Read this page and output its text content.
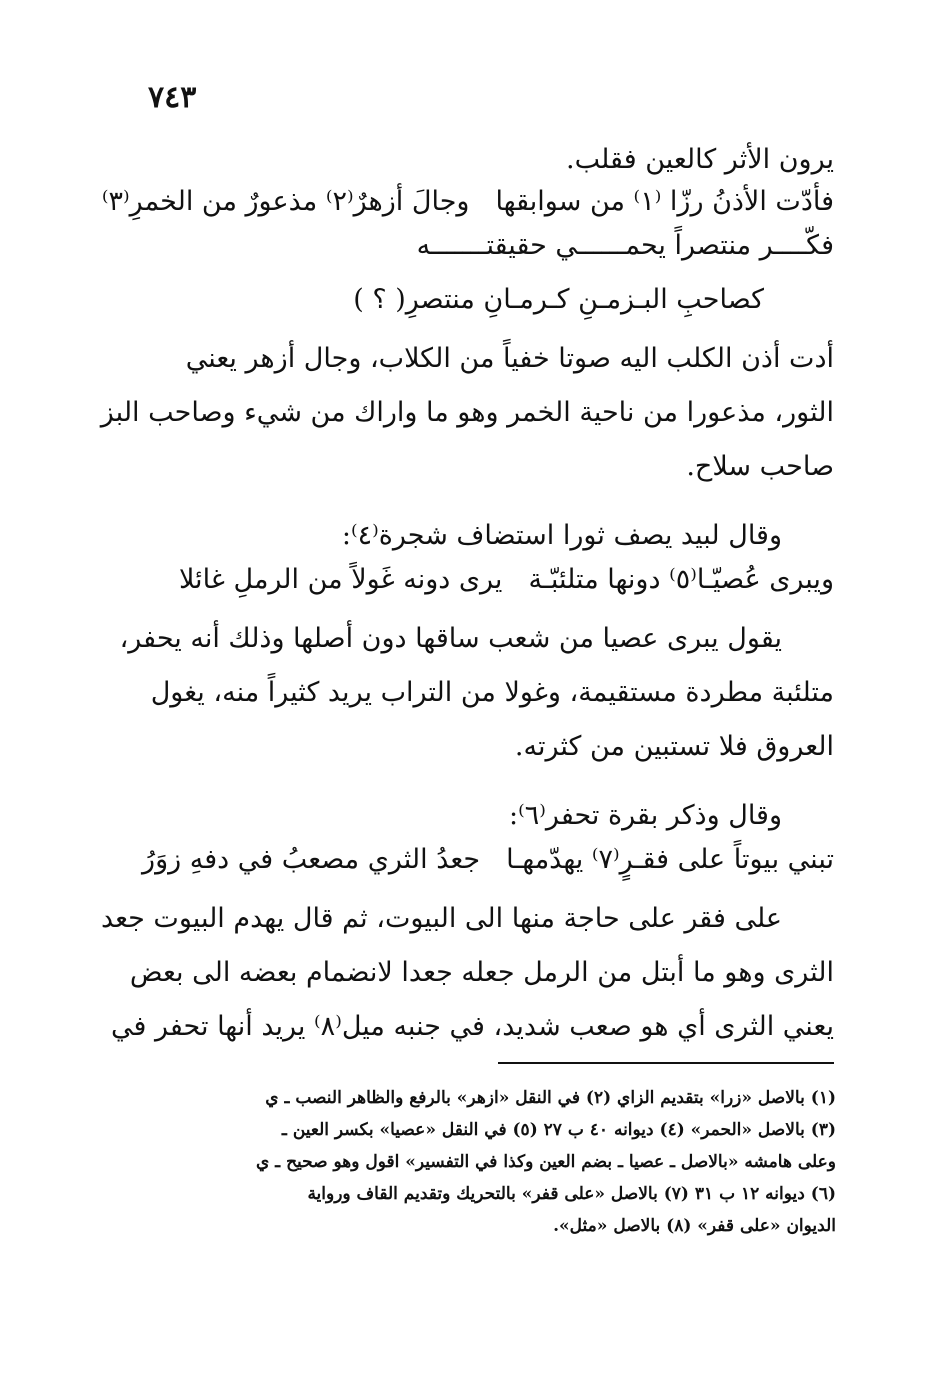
٧٤٣
يرون الأثر كالعين فقلب.
فأدّت الأذنُ رزّا ⁽١⁾ من سوابقهاوجالَ أزهرٌ⁽٢⁾ مذعورٌ من الخمرِ⁽٣⁾
فكّــــر منتصراً يحمــــــي حقيقتـــــــه
كصاحبِ البـزمـنِ كـرمـانِ منتصرِ( ؟ )
أدت أذن الكلب اليه صوتا خفياً من الكلاب، وجال أزهر يعني
الثور، مذعورا من ناحية الخمر وهو ما واراك من شيء وصاحب البز
صاحب سلاح.
وقال لبيد يصف ثورا استضاف شجرة⁽٤⁾:
ويبرى عُصيّـا⁽٥⁾ دونها متلئبّـةيرى دونه غَولاً من الرملِ غائلا
يقول يبرى عصيا من شعب ساقها دون أصلها وذلك أنه يحفر،
متلئبة مطردة مستقيمة، وغولا من التراب يريد كثيراً منه، يغول
العروق فلا تستبين من كثرته.
وقال وذكر بقرة تحفر⁽٦⁾:
تبني بيوتاً على فقـرٍ⁽٧⁾ يهدّمهـاجعدُ الثري مصعبُ في دفهِ زوَرُ
على فقر على حاجة منها الى البيوت، ثم قال يهدم البيوت جعد
الثرى وهو ما أبتل من الرمل جعله جعدا لانضمام بعضه الى بعض
يعني الثرى أي هو صعب شديد، في جنبه ميل⁽٨⁾ يريد أنها تحفر في
(١) بالاصل «زرا» بتقديم الزاي (٢) في النقل «ازهر» بالرفع والظاهر النصب ـ ي
(٣) بالاصل «الحمر» (٤) ديوانه ٤٠ ب ٢٧ (٥) في النقل «عصيا» بكسر العين ـ
وعلى هامشه «بالاصل ـ عصيا ـ بضم العين وكذا في التفسير» اقول وهو صحيح ـ ي
(٦) ديوانه ١٢ ب ٣١ (٧) بالاصل «على قفر» بالتحريك وتقديم القاف ورواية
الديوان «على قفر» (٨) بالاصل «مثل».
